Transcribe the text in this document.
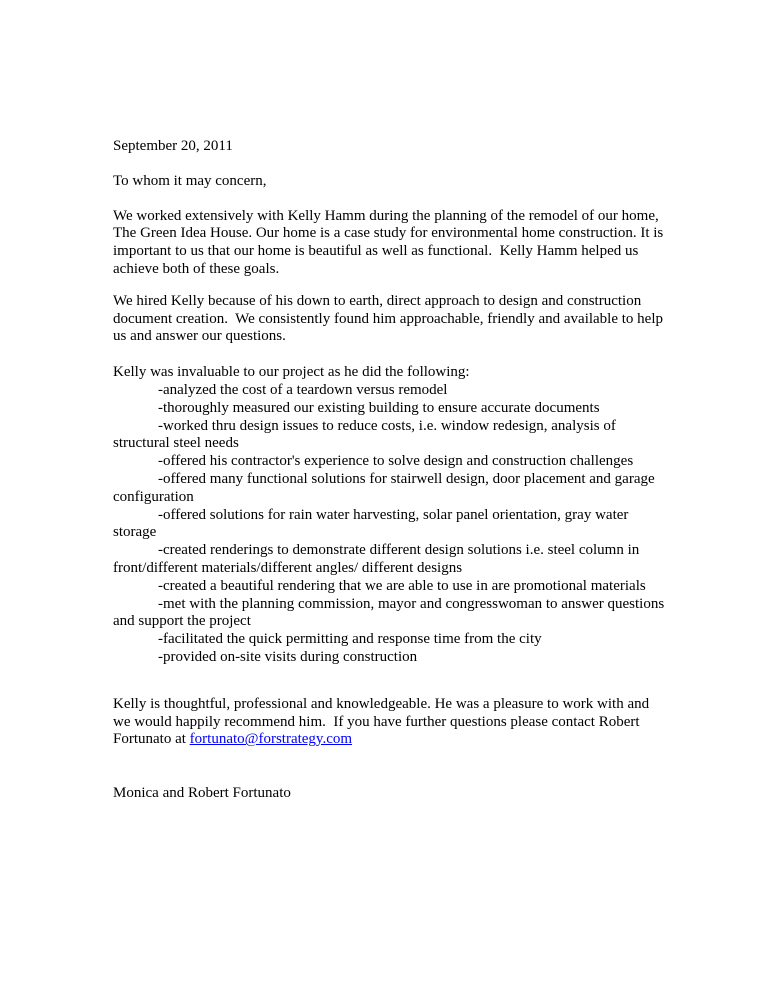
September 20, 2011

To whom it may concern,

We worked extensively with Kelly Hamm during the planning of the remodel of our home, The Green Idea House. Our home is a case study for environmental home construction. It is important to us that our home is beautiful as well as functional.  Kelly Hamm helped us achieve both of these goals.

We hired Kelly because of his down to earth, direct approach to design and construction document creation.  We consistently found him approachable, friendly and available to help us and answer our questions.

Kelly was invaluable to our project as he did the following:

-analyzed the cost of a teardown versus remodel

-thoroughly measured our existing building to ensure accurate documents

-worked thru design issues to reduce costs, i.e. window redesign, analysis of structural steel needs

-offered his contractor's experience to solve design and construction challenges

-offered many functional solutions for stairwell design, door placement and garage configuration

-offered solutions for rain water harvesting, solar panel orientation, gray water storage

-created renderings to demonstrate different design solutions i.e. steel column in front/different materials/different angles/ different designs

-created a beautiful rendering that we are able to use in are promotional materials

-met with the planning commission, mayor and congresswoman to answer questions and support the project

-facilitated the quick permitting and response time from the city

-provided on-site visits during construction

Kelly is thoughtful, professional and knowledgeable. He was a pleasure to work with and we would happily recommend him.  If you have further questions please contact Robert Fortunato at fortunato@forstrategy.com

Monica and Robert Fortunato
